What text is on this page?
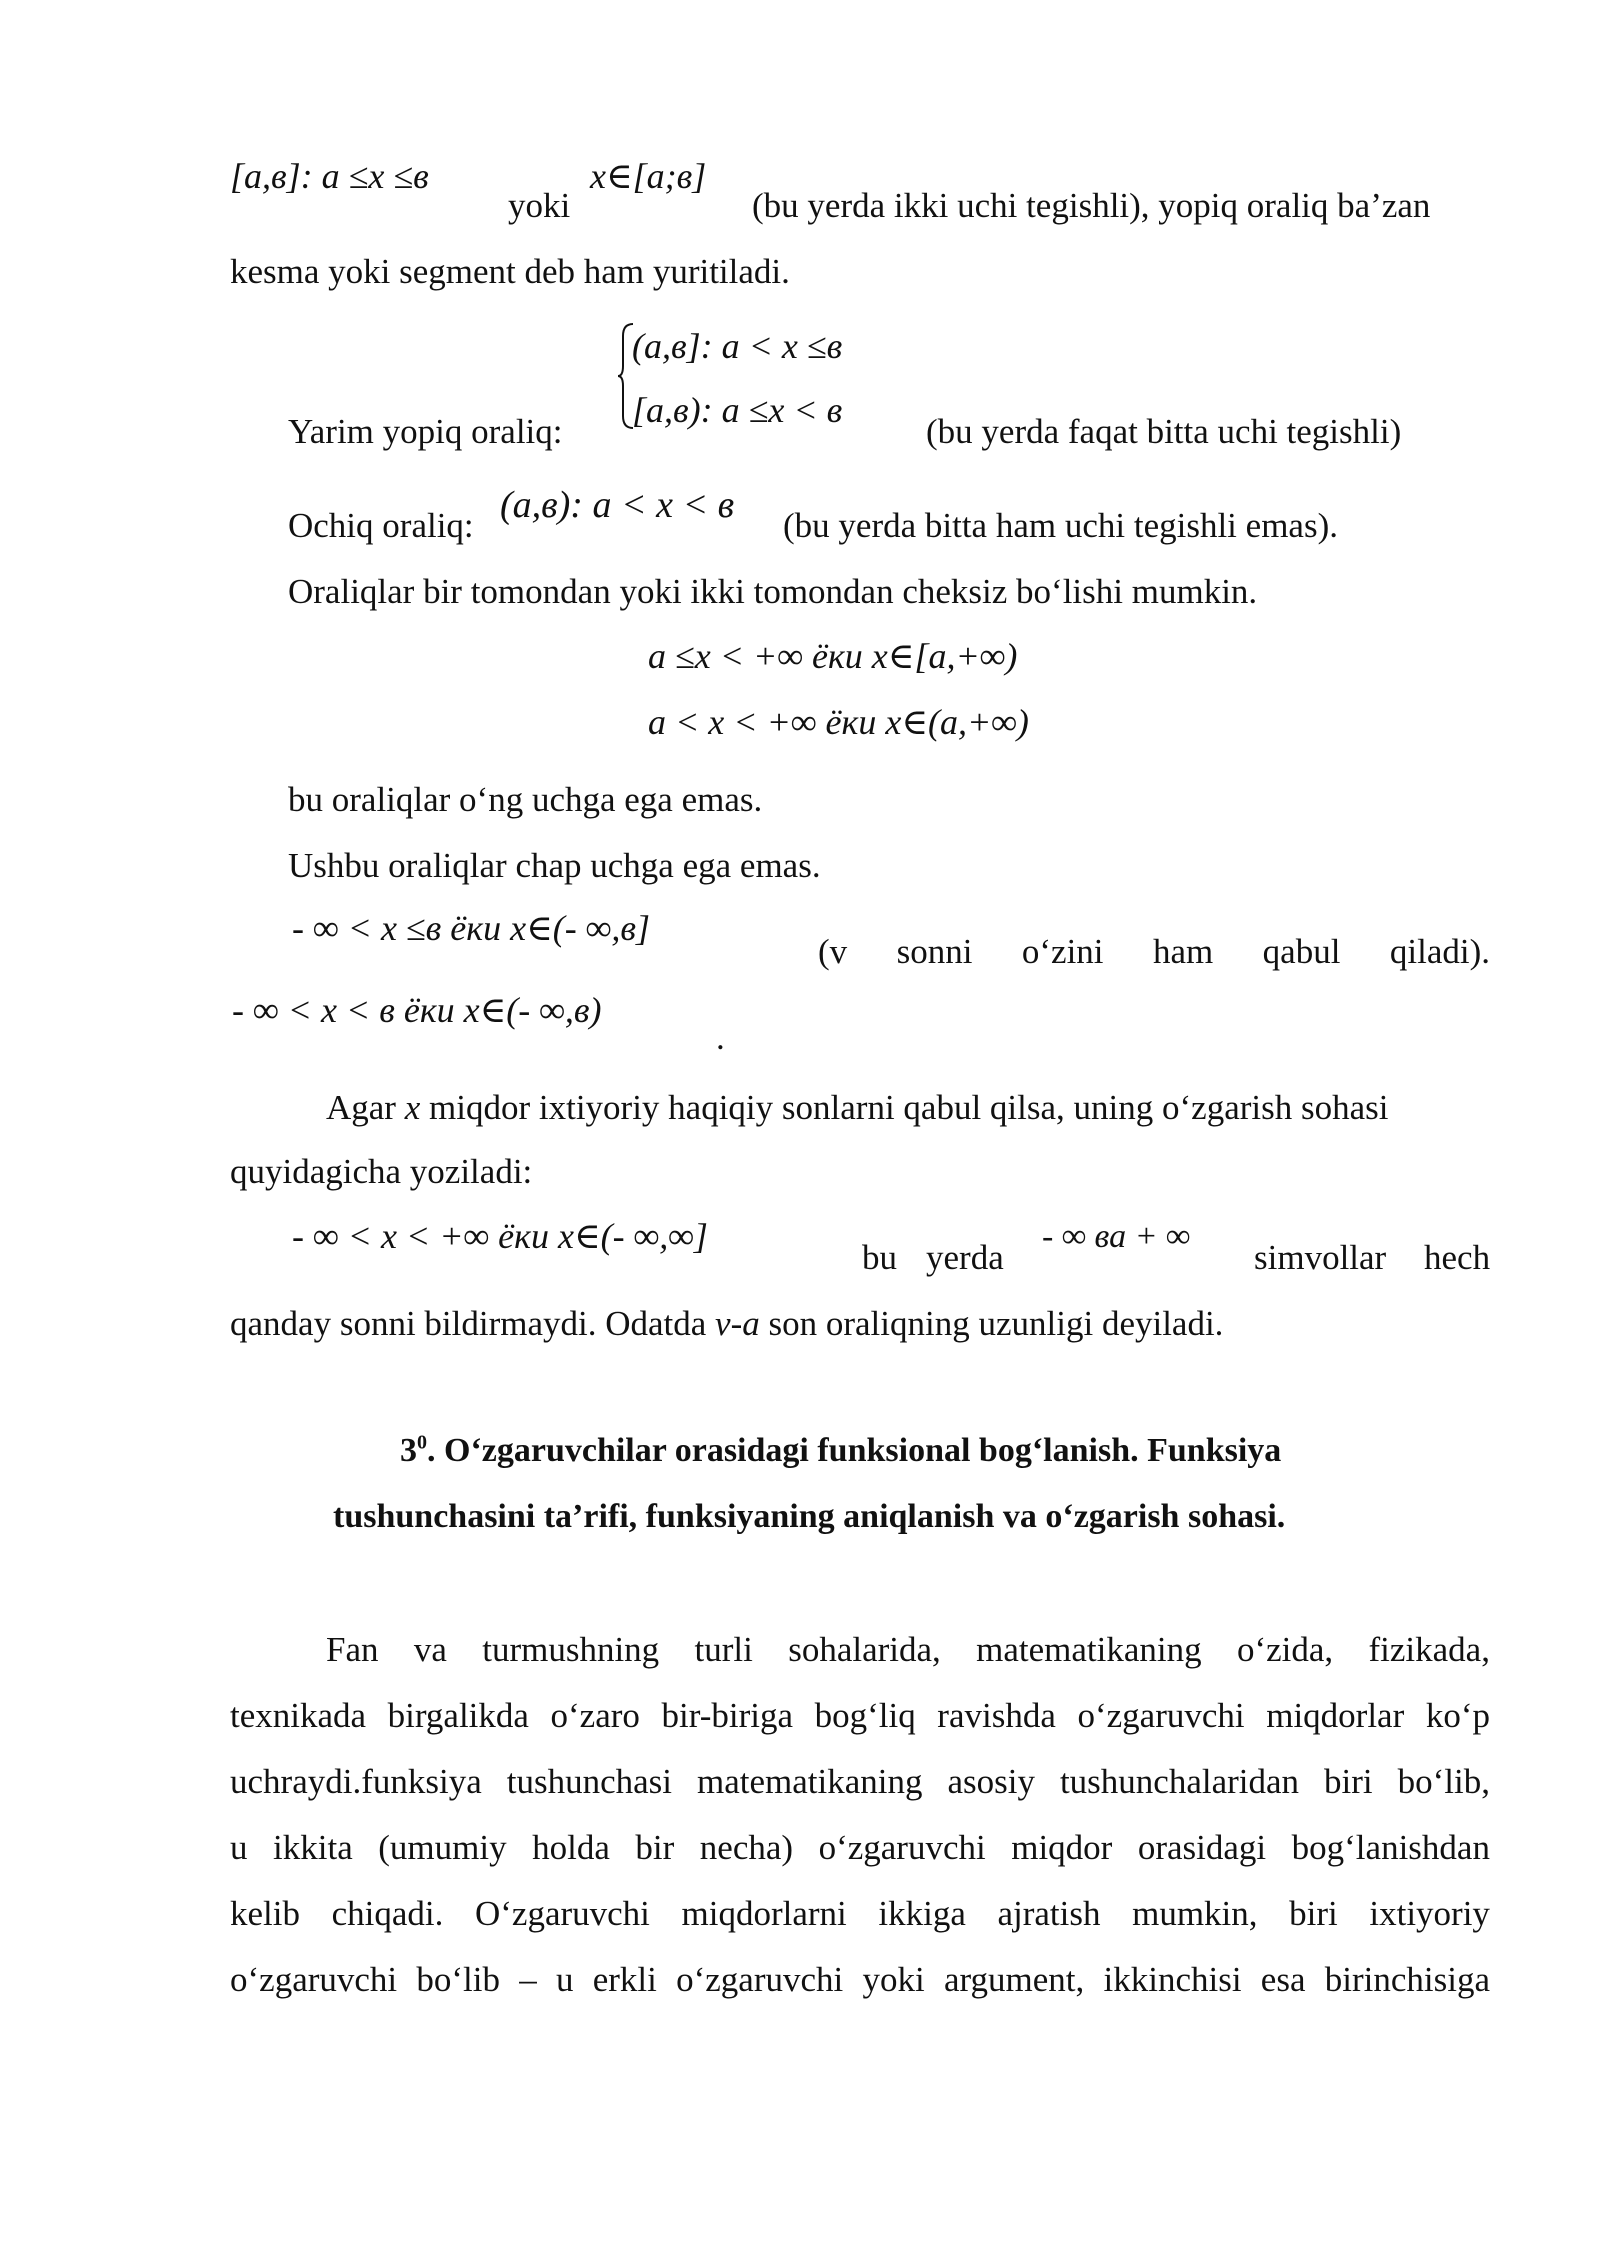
[a,в]: a ≤x ≤в
yoki
x∈[a;в]
(bu yerda ikki uchi tegishli), yopiq oraliq ba’zan
kesma yoki segment deb ham yuritiladi.
(a,в]: a < x ≤в
[a,в): a ≤x < в
Yarim yopiq oraliq:	(bu yerda faqat bitta uchi tegishli)
Ochiq oraliq: (a,в): a < x < в (bu yerda bitta ham uchi tegishli emas).
Oraliqlar bir tomondan yoki ikki tomondan cheksiz bo‘lishi mumkin.
a ≤x < +∞ ёки x∈[a,+∞)
a < x < +∞ ёки x∈(a,+∞)
bu oraliqlar o‘ng uchga ega emas.
Ushbu oraliqlar chap uchga ega emas.
- ∞ < x ≤в ёки x∈(- ∞,в]
(v sonni o‘zini ham qabul qiladi).
- ∞ < x < в ёки x∈(- ∞,в)
.
Agar x miqdor ixtiyoriy haqiqiy sonlarni qabul qilsa, uning o‘zgarish sohasi
quyidagicha yoziladi:
- ∞ < x < +∞ ёки x∈(- ∞,∞]
bu yerda
- ∞ ва + ∞
simvollar hech
qanday sonni bildirmaydi. Odatda v-a son oraliqning uzunligi deyiladi.
$3^0$. O‘zgaruvchilar orasidagi funksional bog‘lanish. Funksiya
tushunchasini ta’rifi, funksiyaning aniqlanish va o‘zgarish sohasi.
Fan va turmushning turli sohalarida, matematikaning o‘zida, fizikada,
texnikada birgalikda o‘zaro bir-biriga bog‘liq ravishda o‘zgaruvchi miqdorlar ko‘p
uchraydi.funksiya tushunchasi matematikaning asosiy tushunchalaridan biri bo‘lib,
u ikkita (umumiy holda bir necha) o‘zgaruvchi miqdor orasidagi bog‘lanishdan
kelib chiqadi. O‘zgaruvchi miqdorlarni ikkiga ajratish mumkin, biri ixtiyoriy
o‘zgaruvchi bo‘lib – u erkli o‘zgaruvchi yoki argument, ikkinchisi esa birinchisiga
